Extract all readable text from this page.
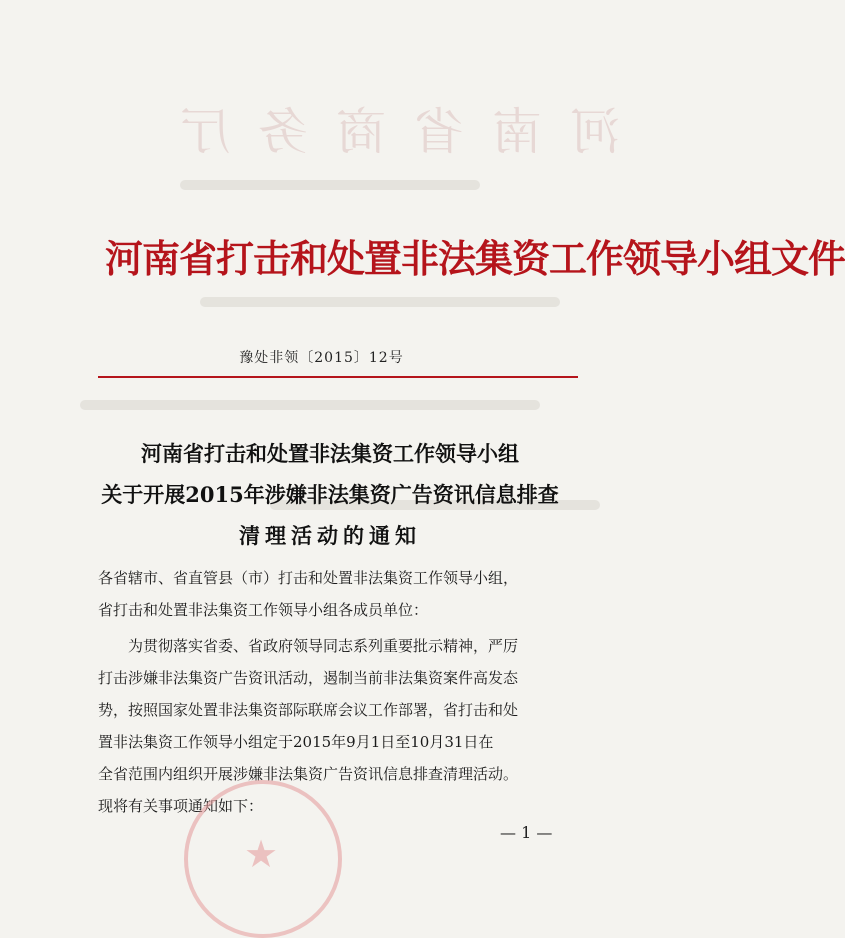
河南省商务厅
河南省打击和处置非法集资工作领导小组文件
豫处非领〔2015〕12号
河南省打击和处置非法集资工作领导小组
关于开展2015年涉嫌非法集资广告资讯信息排查
清理活动的通知
各省辖市、省直管县（市）打击和处置非法集资工作领导小组，
省打击和处置非法集资工作领导小组各成员单位：
为贯彻落实省委、省政府领导同志系列重要批示精神，严厉
打击涉嫌非法集资广告资讯活动，遏制当前非法集资案件高发态
势，按照国家处置非法集资部际联席会议工作部署，省打击和处
置非法集资工作领导小组定于2015年9月1日至10月31日在
全省范围内组织开展涉嫌非法集资广告资讯信息排查清理活动。
现将有关事项通知如下：
★	— 1 —
